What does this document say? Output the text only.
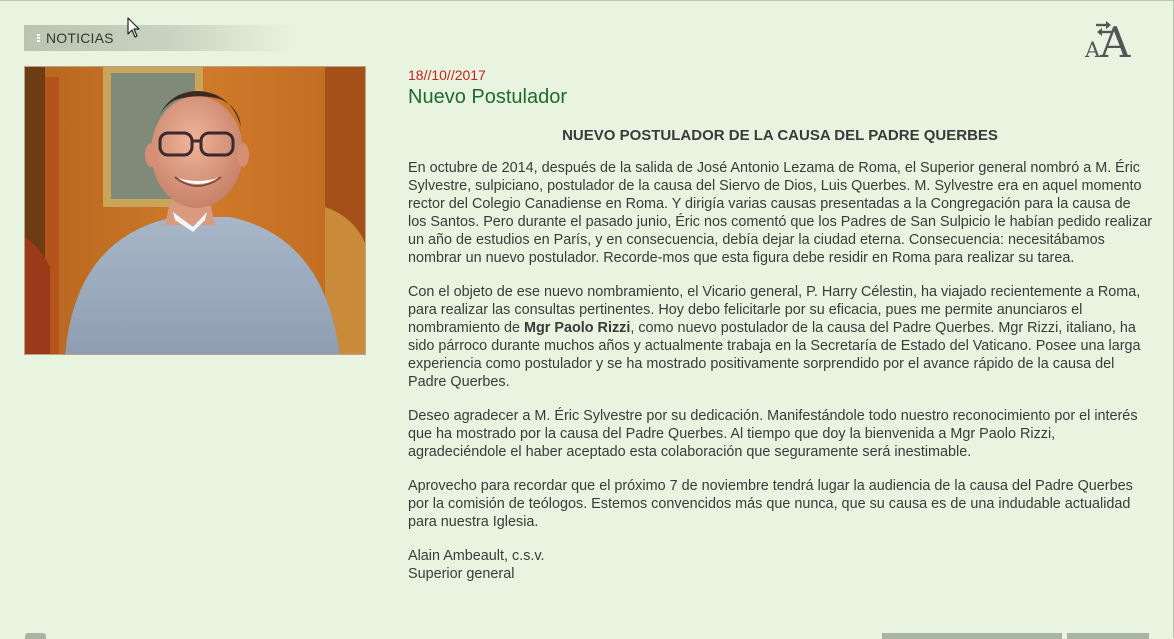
NOTICIAS	A A
18//10//2017
Nuevo Postulador
NUEVO POSTULADOR DE LA CAUSA DEL PADRE QUERBES

En octubre de 2014, después de la salida de José Antonio Lezama de Roma, el Superior general nombró a M. Éric Sylvestre, sulpiciano, postulador de la causa del Siervo de Dios, Luis Querbes. M. Sylvestre era en aquel momento rector del Colegio Canadiense en Roma. Y dirigía varias causas presentadas a la Congregación para la causa de los Santos. Pero durante el pasado junio, Éric nos comentó que los Padres de San Sulpicio le habían pedido realizar un año de estudios en París, y en consecuencia, debía dejar la ciudad eterna. Consecuencia: necesitábamos nombrar un nuevo postulador. Recorde-mos que esta figura debe residir en Roma para realizar su tarea.

Con el objeto de ese nuevo nombramiento, el Vicario general, P. Harry Célestin, ha viajado recientemente a Roma, para realizar las consultas pertinentes. Hoy debo felicitarle por su eficacia, pues me permite anunciaros el nombramiento de Mgr Paolo Rizzi, como nuevo postulador de la causa del Padre Querbes. Mgr Rizzi, italiano, ha sido párroco durante muchos años y actualmente trabaja en la Secretaría de Estado del Vaticano. Posee una larga experiencia como postulador y se ha mostrado positivamente sorprendido por el avance rápido de la causa del Padre Querbes.

Deseo agradecer a M. Éric Sylvestre por su dedicación. Manifestándole todo nuestro reconocimiento por el interés que ha mostrado por la causa del Padre Querbes. Al tiempo que doy la bienvenida a Mgr Paolo Rizzi, agradeciéndole el haber aceptado esta colaboración que seguramente será inestimable.

Aprovecho para recordar que el próximo 7 de noviembre tendrá lugar la audiencia de la causa del Padre Querbes por la comisión de teólogos. Estemos convencidos más que nunca, que su causa es de una indudable actualidad para nuestra Iglesia.

Alain Ambeault, c.s.v.

Superior general
